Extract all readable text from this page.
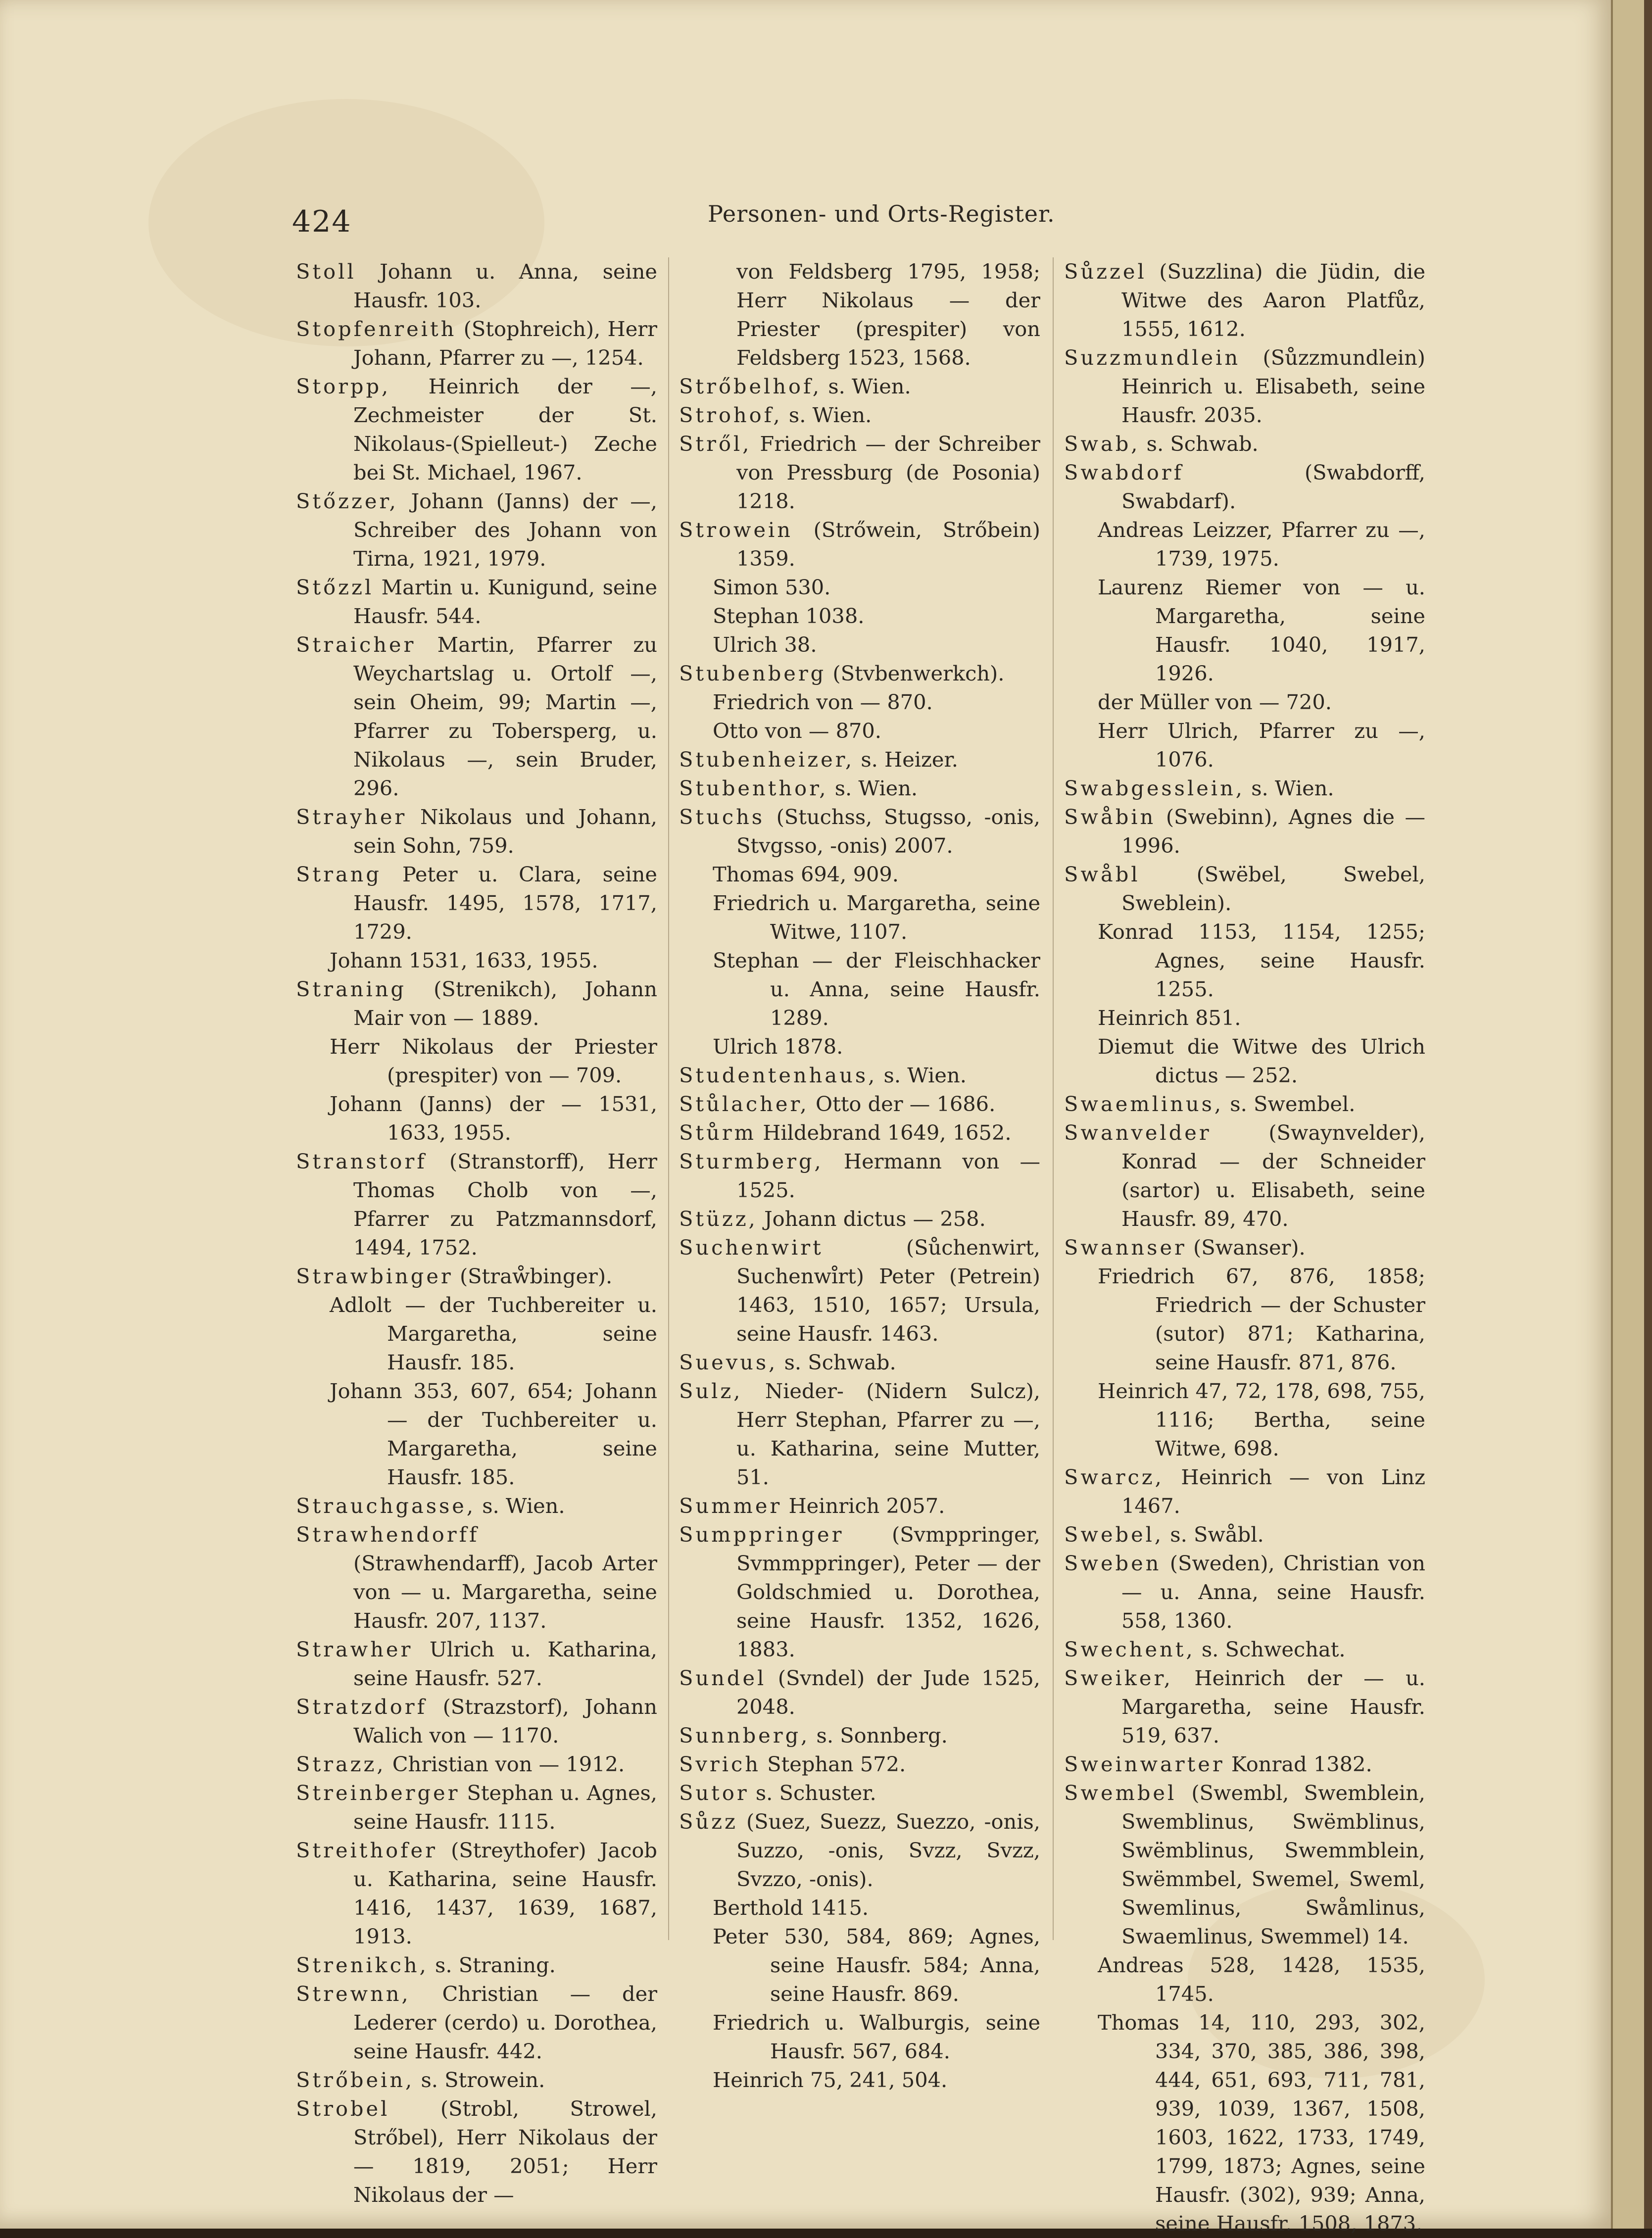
424	Personen- und Orts-Register.

Stoll Johann u. Anna, seine Hausfr. 103.

Stopfenreith (Stophreich), Herr Johann, Pfarrer zu —, 1254.

Storpp, Heinrich der —, Zechmeister der St. Nikolaus-(Spielleut-) Zeche bei St. Michael, 1967.

Stőzzer, Johann (Janns) der —, Schreiber des Johann von Tirna, 1921, 1979.

Stőzzl Martin u. Kunigund, seine Hausfr. 544.

Straicher Martin, Pfarrer zu Weychartslag u. Ortolf —, sein Oheim, 99; Martin —, Pfarrer zu Tobersperg, u. Nikolaus —, sein Bruder, 296.

Strayher Nikolaus und Johann, sein Sohn, 759.

Strang Peter u. Clara, seine Hausfr. 1495, 1578, 1717, 1729.

Johann 1531, 1633, 1955.

Straning (Strenikch), Johann Mair von — 1889.

Herr Nikolaus der Priester (prespiter) von — 709.

Johann (Janns) der — 1531, 1633, 1955.

Stranstorf (Stranstorff), Herr Thomas Cholb von —, Pfarrer zu Patzmannsdorf, 1494, 1752.

Strawbinger (Straẘbinger).

Adlolt — der Tuchbereiter u. Margaretha, seine Hausfr. 185.

Johann 353, 607, 654; Johann — der Tuchbereiter u. Margaretha, seine Hausfr. 185.

Strauchgasse, s. Wien.

Strawhendorff (Strawhendarff), Jacob Arter von — u. Margaretha, seine Hausfr. 207, 1137.

Strawher Ulrich u. Katharina, seine Hausfr. 527.

Stratzdorf (Strazstorf), Johann Walich von — 1170.

Strazz, Christian von — 1912.

Streinberger Stephan u. Agnes, seine Hausfr. 1115.

Streithofer (Streythofer) Jacob u. Katharina, seine Hausfr. 1416, 1437, 1639, 1687, 1913.

Strenikch, s. Straning.

Strewnn, Christian — der Lederer (cerdo) u. Dorothea, seine Hausfr. 442.

Strőbein, s. Strowein.

Strobel (Strobl, Strowel, Strőbel), Herr Nikolaus der — 1819, 2051; Herr Nikolaus der —

von Feldsberg 1795, 1958; Herr Nikolaus — der Priester (prespiter) von Feldsberg 1523, 1568.

Strőbelhof, s. Wien.

Strohof, s. Wien.

Stről, Friedrich — der Schreiber von Pressburg (de Posonia) 1218.

Strowein (Strőwein, Strőbein) 1359.

Simon 530.

Stephan 1038.

Ulrich 38.

Stubenberg (Stvbenwerkch).

Friedrich von — 870.

Otto von — 870.

Stubenheizer, s. Heizer.

Stubenthor, s. Wien.

Stuchs (Stuchss, Stugsso, -onis, Stvgsso, -onis) 2007.

Thomas 694, 909.

Friedrich u. Margaretha, seine Witwe, 1107.

Stephan — der Fleischhacker u. Anna, seine Hausfr. 1289.

Ulrich 1878.

Studentenhaus, s. Wien.

Stůlacher, Otto der — 1686.

Stůrm Hildebrand 1649, 1652.

Sturmberg, Hermann von — 1525.

Stüzz, Johann dictus — 258.

Suchenwirt (Sůchenwirt, Suchenwi̊rt) Peter (Petrein) 1463, 1510, 1657; Ursula, seine Hausfr. 1463.

Suevus, s. Schwab.

Sulz, Nieder- (Nidern Sulcz), Herr Stephan, Pfarrer zu —, u. Katharina, seine Mutter, 51.

Summer Heinrich 2057.

Sumppringer (Svmppringer, Svmmppringer), Peter — der Goldschmied u. Dorothea, seine Hausfr. 1352, 1626, 1883.

Sundel (Svndel) der Jude 1525, 2048.

Sunnberg, s. Sonnberg.

Svrich Stephan 572.

Sutor s. Schuster.

Sůzz (Suez, Suezz, Suezzo, -onis, Suzzo, -onis, Svzz, Svzz, Svzzo, -onis).

Berthold 1415.

Peter 530, 584, 869; Agnes, seine Hausfr. 584; Anna, seine Hausfr. 869.

Friedrich u. Walburgis, seine Hausfr. 567, 684.

Heinrich 75, 241, 504.

Sůzzel (Suzzlina) die Jüdin, die Witwe des Aaron Platfůz, 1555, 1612.

Suzzmundlein (Sůzzmundlein) Heinrich u. Elisabeth, seine Hausfr. 2035.

Swab, s. Schwab.

Swabdorf (Swabdorff, Swabdarf).

Andreas Leizzer, Pfarrer zu —, 1739, 1975.

Laurenz Riemer von — u. Margaretha, seine Hausfr. 1040, 1917, 1926.

der Müller von — 720.

Herr Ulrich, Pfarrer zu —, 1076.

Swabgesslein, s. Wien.

Swåbin (Swebinn), Agnes die — 1996.

Swåbl (Swëbel, Swebel, Sweblein).

Konrad 1153, 1154, 1255; Agnes, seine Hausfr. 1255.

Heinrich 851.

Diemut die Witwe des Ulrich dictus — 252.

Swaemlinus, s. Swembel.

Swanvelder (Swaynvelder), Konrad — der Schneider (sartor) u. Elisabeth, seine Hausfr. 89, 470.

Swannser (Swanser).

Friedrich 67, 876, 1858; Friedrich — der Schuster (sutor) 871; Katharina, seine Hausfr. 871, 876.

Heinrich 47, 72, 178, 698, 755, 1116; Bertha, seine Witwe, 698.

Swarcz, Heinrich — von Linz 1467.

Swebel, s. Swåbl.

Sweben (Sweden), Christian von — u. Anna, seine Hausfr. 558, 1360.

Swechent, s. Schwechat.

Sweiker, Heinrich der — u. Margaretha, seine Hausfr. 519, 637.

Sweinwarter Konrad 1382.

Swembel (Swembl, Swemblein, Swemblinus, Swëmblinus, Swëmblinus, Swemmblein, Swëmmbel, Swemel, Sweml, Swemlinus, Swåmlinus, Swaemlinus, Swemmel) 14.

Andreas 528, 1428, 1535, 1745.

Thomas 14, 110, 293, 302, 334, 370, 385, 386, 398, 444, 651, 693, 711, 781, 939, 1039, 1367, 1508, 1603, 1622, 1733, 1749, 1799, 1873; Agnes, seine Hausfr. (302), 939; Anna, seine Hausfr. 1508, 1873.
